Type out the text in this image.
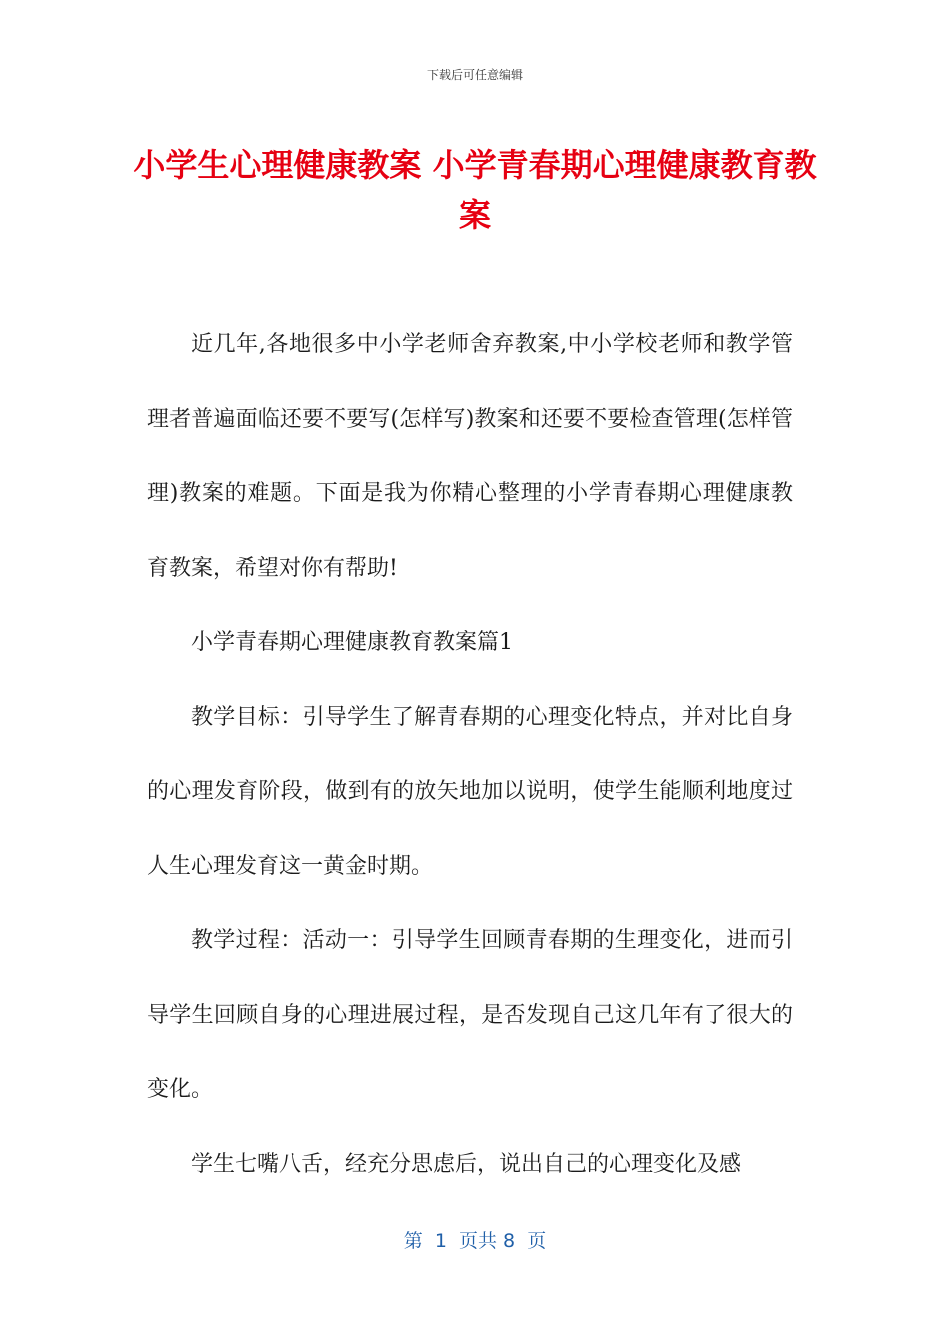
下载后可任意编辑
小学生心理健康教案 小学青春期心理健康教育教案

近几年,各地很多中小学老师舍弃教案,中小学校老师和教学管理者普遍面临还要不要写(怎样写)教案和还要不要检查管理(怎样管理)教案的难题。下面是我为你精心整理的小学青春期心理健康教育教案，希望对你有帮助!

小学青春期心理健康教育教案篇1

教学目标：引导学生了解青春期的心理变化特点，并对比自身的心理发育阶段，做到有的放矢地加以说明，使学生能顺利地度过人生心理发育这一黄金时期。

教学过程：活动一：引导学生回顾青春期的生理变化，进而引导学生回顾自身的心理进展过程，是否发现自己这几年有了很大的变化。

学生七嘴八舌，经充分思虑后，说出自己的心理变化及感

第  1  页共 8  页
